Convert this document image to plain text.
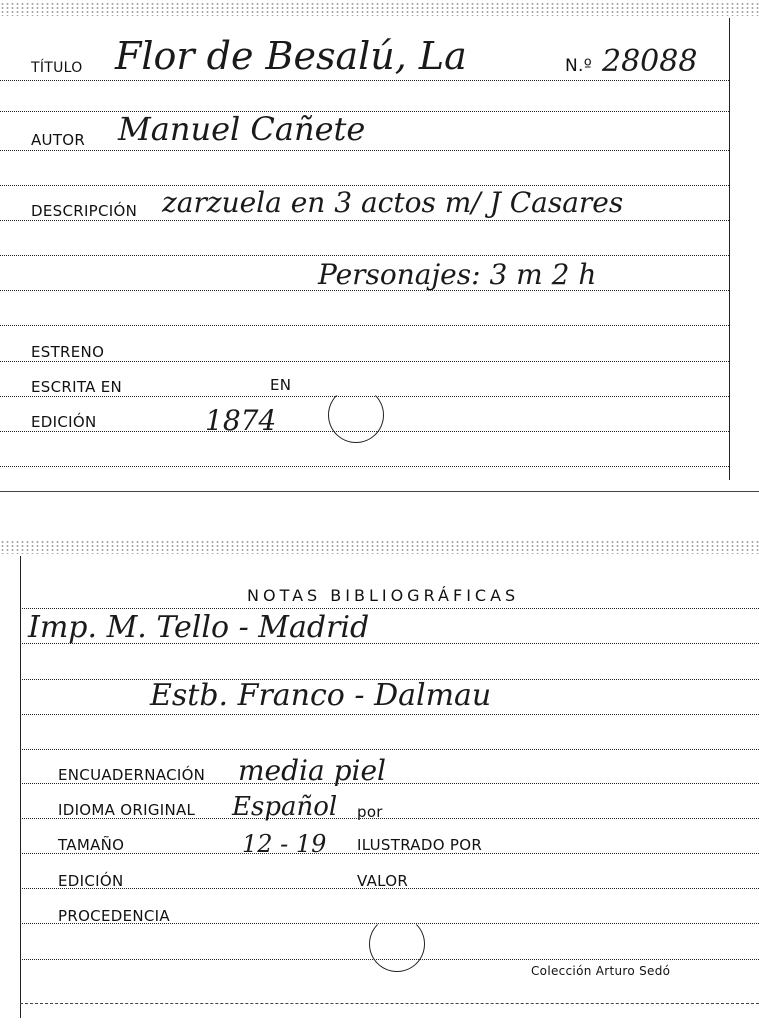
TÍTULO Flor de Besalú, La	N.º 28088
AUTOR Manuel Cañete
DESCRIPCIÓN zarzuela en 3 actos m/ J Casares
Personajes: 3 m 2 h
ESTRENO
ESCRITA EN	EN
EDICIÓN	1874
NOTAS BIBLIOGRÁFICAS
Imp. M. Tello - Madrid
Estb. Franco - Dalmau
ENCUADERNACIÓN media piel
IDIOMA ORIGINAL Español por
TAMAÑO	12 - 19 ILUSTRADO POR
EDICIÓN	VALOR
PROCEDENCIA
Colección Arturo Sedó
